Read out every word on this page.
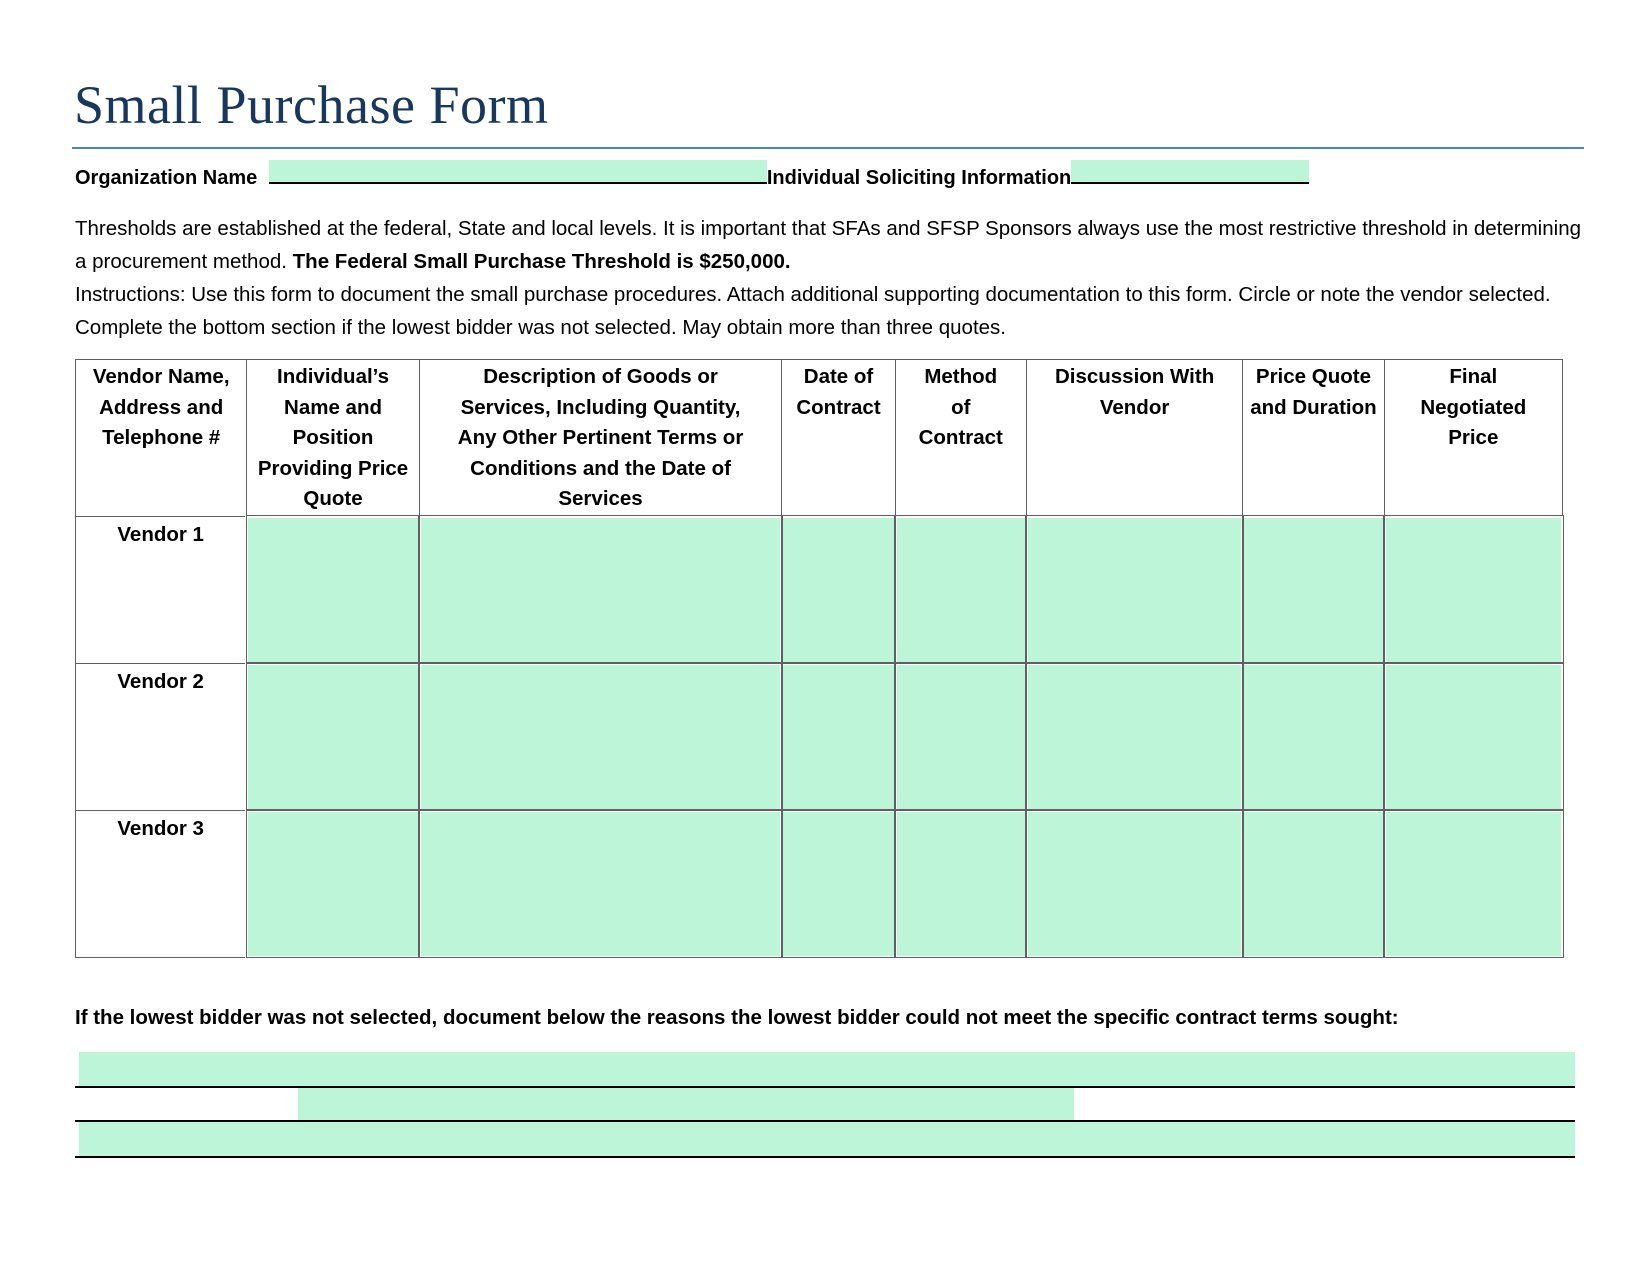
Small Purchase Form
Organization Name	Individual Soliciting Information

Thresholds are established at the federal, State and local levels. It is important that SFAs and SFSP Sponsors always use the most restrictive threshold in determining a procurement method. The Federal Small Purchase Threshold is $250,000.

Instructions: Use this form to document the small purchase procedures. Attach additional supporting documentation to this form. Circle or note the vendor selected. Complete the bottom section if the lowest bidder was not selected. May obtain more than three quotes.

Vendor Name, Address and Telephone #	Individual’s Name and Position Providing Price Quote	Description of Goods or Services, Including Quantity, Any Other Pertinent Terms or Conditions and the Date of Services	Date of Contract	Method of Contract	Discussion With Vendor	Price Quote and Duration	Final Negotiated Price
Vendor 1							
Vendor 2							
Vendor 3							
If the lowest bidder was not selected, document below the reasons the lowest bidder could not meet the specific contract terms sought:
